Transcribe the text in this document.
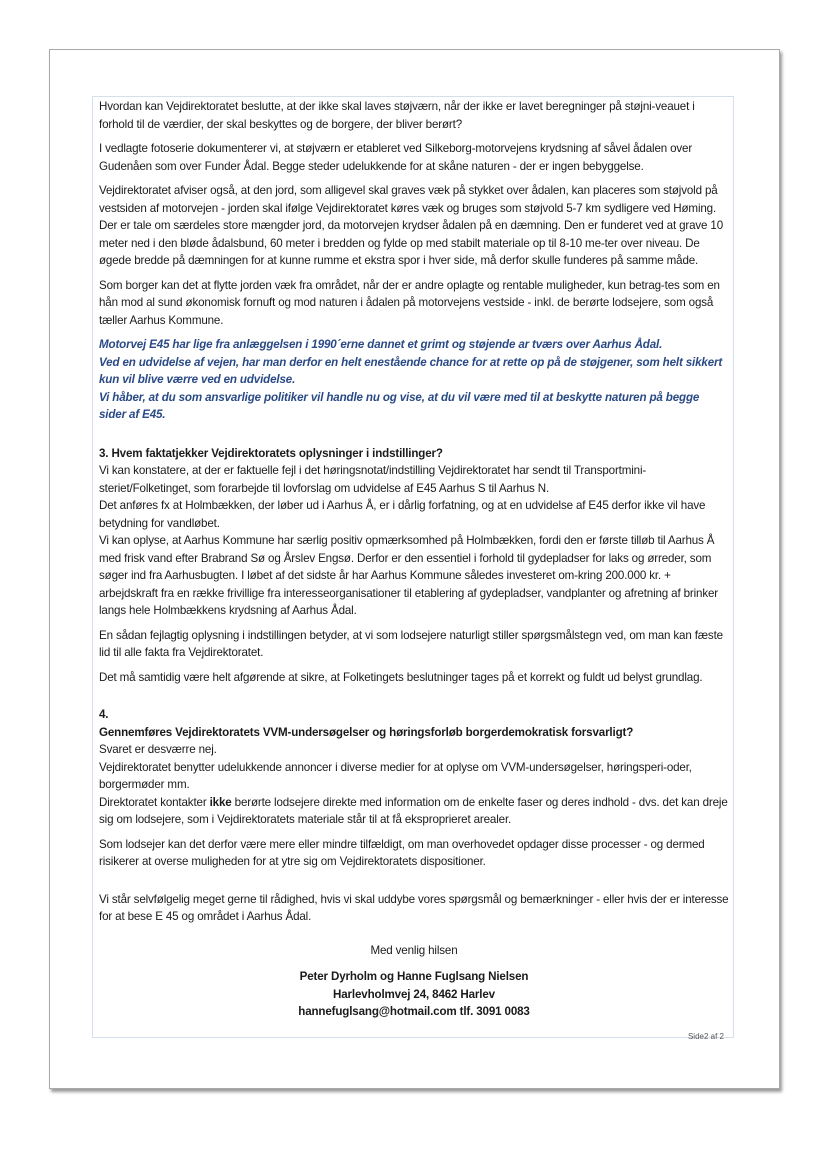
Hvordan kan Vejdirektoratet beslutte, at der ikke skal laves støjværn, når der ikke er lavet beregninger på støjni-veauet i forhold til de værdier, der skal beskyttes og de borgere, der bliver berørt?

I vedlagte fotoserie dokumenterer vi, at støjværn er etableret ved Silkeborg-motorvejens krydsning af såvel ådalen over Gudenåen som over Funder Ådal. Begge steder udelukkende for at skåne naturen - der er ingen bebyggelse.

Vejdirektoratet afviser også, at den jord, som alligevel skal graves væk på stykket over ådalen, kan placeres som støjvold på vestsiden af motorvejen - jorden skal ifølge Vejdirektoratet køres væk og bruges som støjvold 5-7 km sydligere ved Høming.

Der er tale om særdeles store mængder jord, da motorvejen krydser ådalen på en dæmning. Den er funderet ved at grave 10 meter ned i den bløde ådalsbund, 60 meter i bredden og fylde op med stabilt materiale op til 8-10 me-ter over niveau. De øgede bredde på dæmningen for at kunne rumme et ekstra spor i hver side, må derfor skulle funderes på samme måde.

Som borger kan det at flytte jorden væk fra området, når der er andre oplagte og rentable muligheder, kun betrag-tes som en hån mod al sund økonomisk fornuft og mod naturen i ådalen på motorvejens vestside - inkl. de berørte lodsejere, som også tæller Aarhus Kommune.

Motorvej E45 har lige fra anlæggelsen i 1990´erne dannet et grimt og støjende ar tværs over Aarhus Ådal.
Ved en udvidelse af vejen, har man derfor en helt enestående chance for at rette op på de støjgener, som helt sikkert kun vil blive værre ved en udvidelse.
Vi håber, at du som ansvarlige politiker vil handle nu og vise, at du vil være med til at beskytte naturen på begge sider af E45.
3. Hvem faktatjekker Vejdirektoratets oplysninger i indstillinger?
Vi kan konstatere, at der er faktuelle fejl i det høringsnotat/indstilling Vejdirektoratet har sendt til Transportmini-steriet/Folketinget, som forarbejde til lovforslag om udvidelse af E45 Aarhus S til Aarhus N.
Det anføres fx at Holmbækken, der løber ud i Aarhus Å, er i dårlig forfatning, og at en udvidelse af E45 derfor ikke vil have betydning for vandløbet.

Vi kan oplyse, at Aarhus Kommune har særlig positiv opmærksomhed på Holmbækken, fordi den er første tilløb til Aarhus Å med frisk vand efter Brabrand Sø og Årslev Engsø. Derfor er den essentiel i forhold til gydepladser for laks og ørreder, som søger ind fra Aarhusbugten. I løbet af det sidste år har Aarhus Kommune således investeret om-kring 200.000 kr. + arbejdskraft fra en række frivillige fra interesseorganisationer til etablering af gydepladser, vandplanter og afretning af brinker langs hele Holmbækkens krydsning af Aarhus Ådal.

En sådan fejlagtig oplysning i indstillingen betyder, at vi som lodsejere naturligt stiller spørgsmålstegn ved, om man kan fæste lid til alle fakta fra Vejdirektoratet.

Det må samtidig være helt afgørende at sikre, at Folketingets beslutninger tages på et korrekt og fuldt ud belyst grundlag.

4.
Gennemføres Vejdirektoratets VVM-undersøgelser og høringsforløb borgerdemokratisk forsvarligt?
Svaret er desværre nej.
Vejdirektoratet benytter udelukkende annoncer i diverse medier for at oplyse om VVM-undersøgelser, høringsperi-oder, borgermøder mm.

Direktoratet kontakter ikke berørte lodsejere direkte med information om de enkelte faser og deres indhold - dvs. det kan dreje sig om lodsejere, som i Vejdirektoratets materiale står til at få eksproprieret arealer.

Som lodsejer kan det derfor være mere eller mindre tilfældigt, om man overhovedet opdager disse processer - og dermed risikerer at overse muligheden for at ytre sig om Vejdirektoratets dispositioner.

Vi står selvfølgelig meget gerne til rådighed, hvis vi skal uddybe vores spørgsmål og bemærkninger - eller hvis der er interesse for at bese E 45 og området i Aarhus Ådal.

Med venlig hilsen
Peter Dyrholm og Hanne Fuglsang Nielsen
Harlevholmvej 24, 8462 Harlev
hannefuglsang@hotmail.com tlf. 3091 0083
Side2 af 2
